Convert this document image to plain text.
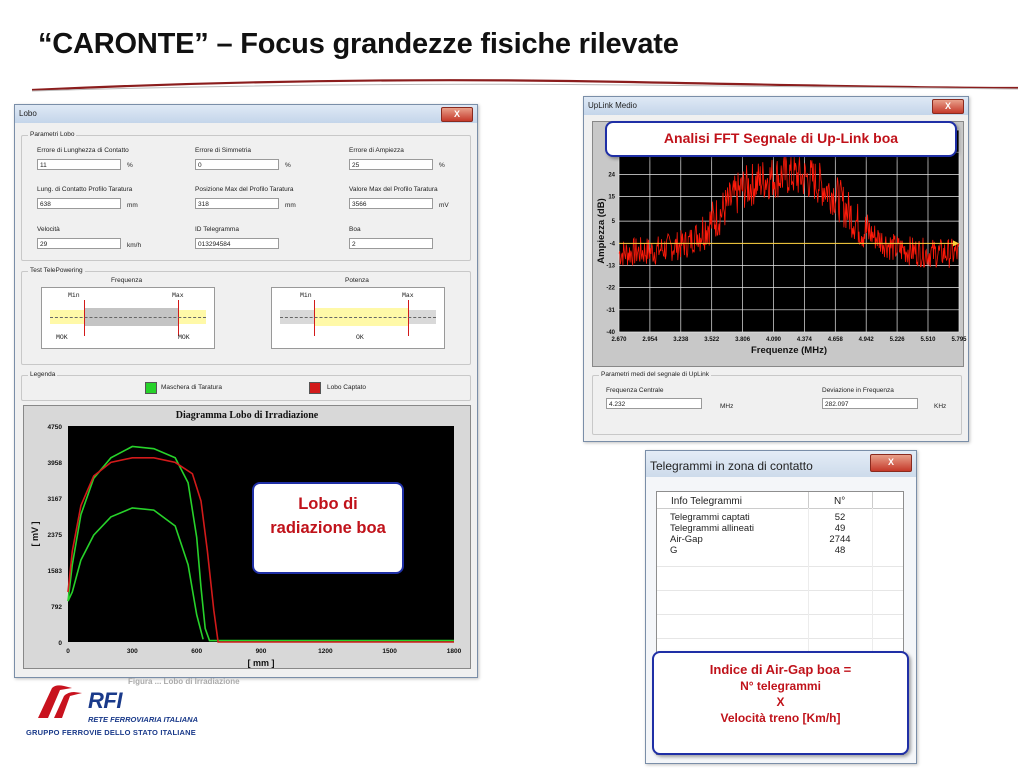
“CARONTE” – Focus grandezze fisiche rilevate
Lobo	X
Parametri Lobo
Errore di Lunghezza di Contatto
11	%
Errore di Simmetria
0	%
Errore di Ampiezza
25	%
Lung. di Contatto Profilo Taratura
638	mm
Posizione Max del Profilo Taratura
318	mm
Valore Max del Profilo Taratura
3566	mV
Velocità
29	km/h
ID Telegramma
013294584
Boa
2
Test TelePowering
Frequenza	Potenza
Min	Max
MOK	MOK
Min	Max
OK
Legenda
Maschera di Taratura	Lobo Captato
Diagramma Lobo di Irradiazione
0
792
1583
2375
3167
3958
4750
0	300	600	900	1200	1500	1800
[ mm ]
[ mV ]
UpLink Medio	X
2.670	2.954	3.238	3.522	3.806	4.090	4.374	4.658	4.942	5.226	5.510	5.795
24
15
5
-4
-13
-22
-31
-40
Frequenze (MHz)
Ampiezza (dB)
Parametri medi del segnale di UpLink
Frequenza Centrale
4.232	MHz
Deviazione in Frequenza
282.097	KHz
Telegrammi in zona di contatto	X
Info Telegrammi	N°
Telegrammi captati	52
Telegrammi allineati	49
Air-Gap	2744
G	48
Analisi FFT Segnale di Up-Link boa
Lobo di radiazione boa
Indice di Air-Gap boa =
N° telegrammi
X
Velocità treno [Km/h]
Figura ... Lobo di Irradiazione
RFI
RETE FERROVIARIA ITALIANA
GRUPPO FERROVIE DELLO STATO ITALIANE
